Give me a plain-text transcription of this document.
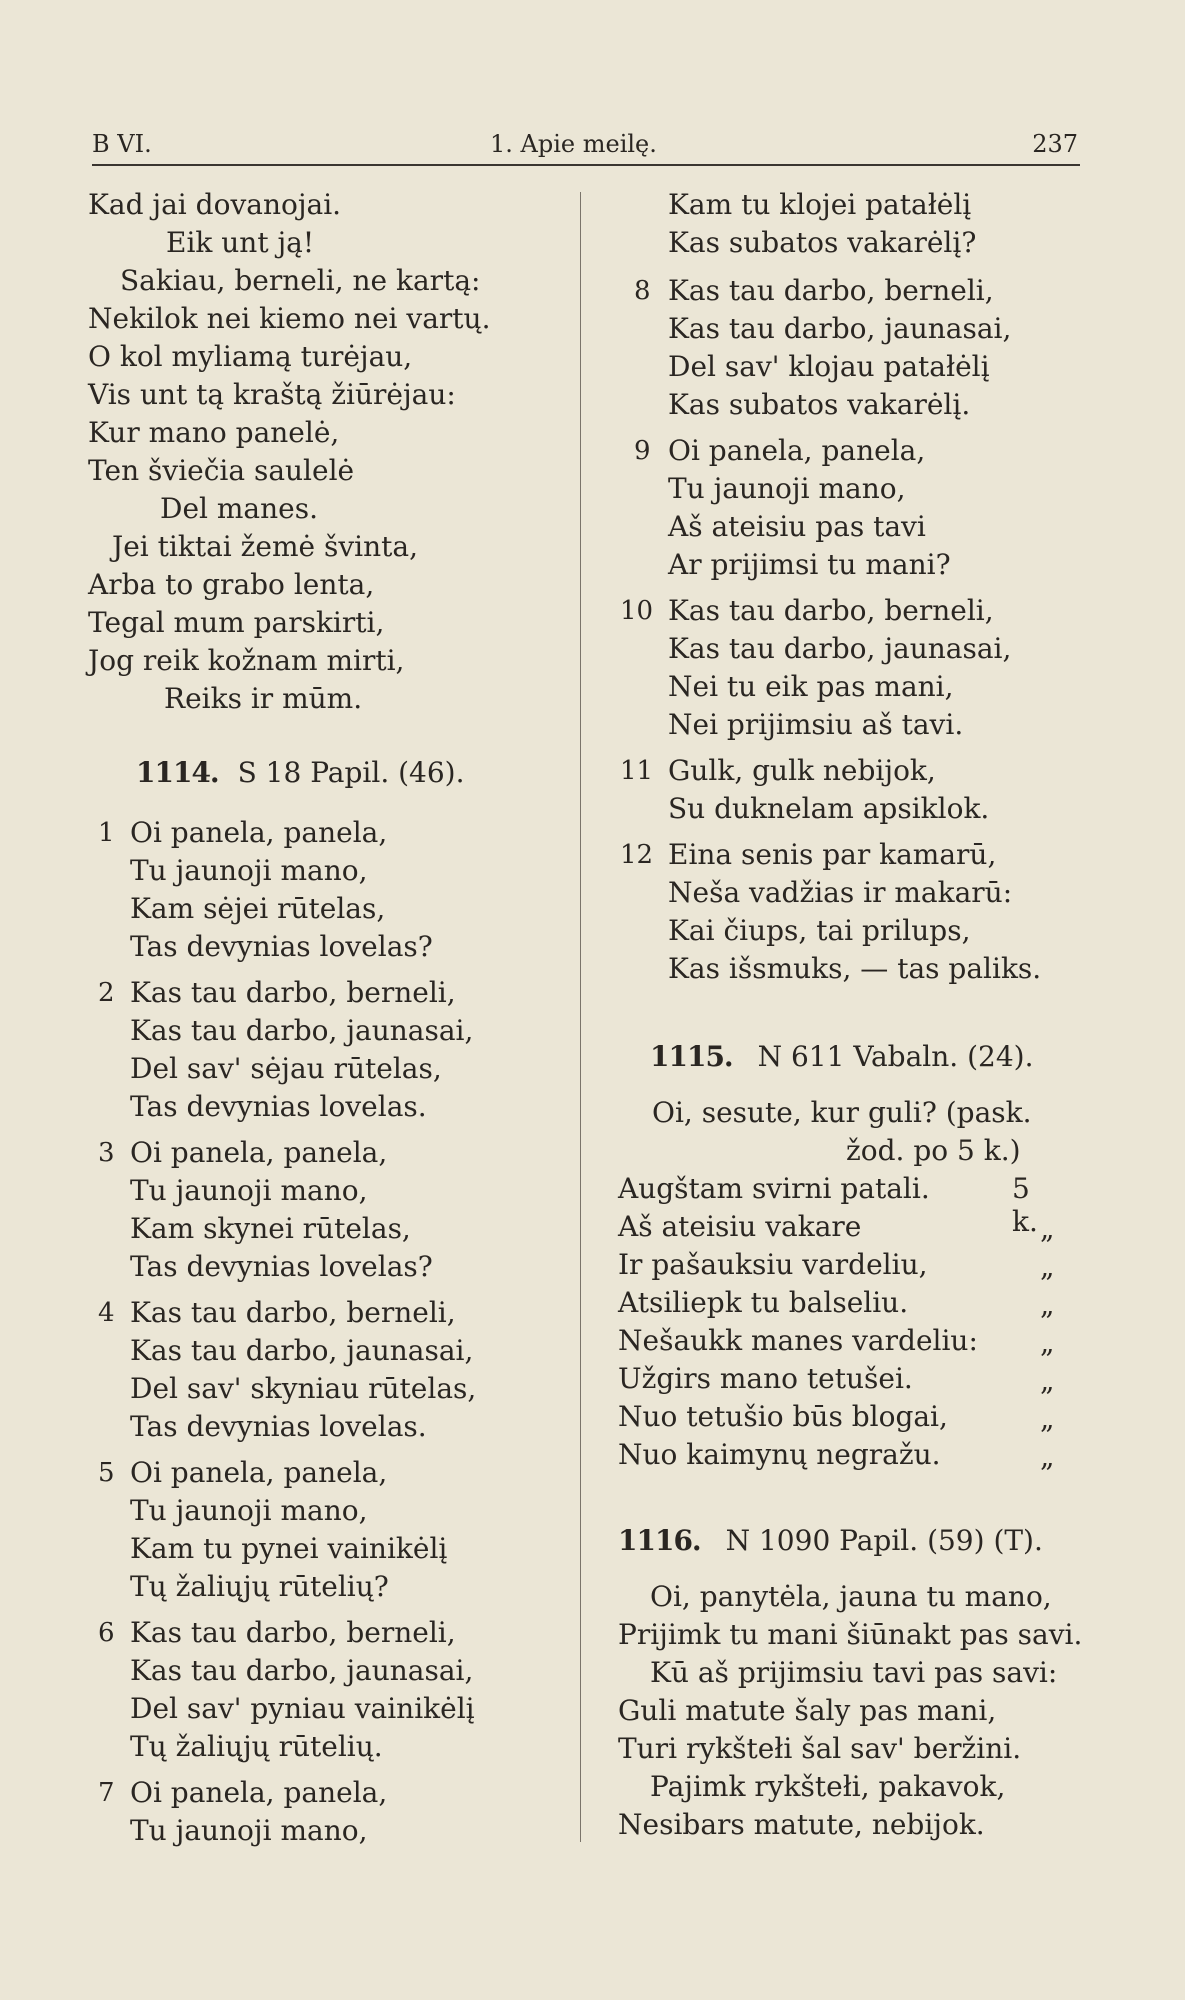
B VI.	1. Apie meilę.	237
Kad jai dovanojai.
Eik unt ją!
Sakiau, berneli, ne kartą:
Nekilok nei kiemo nei vartų.
O kol myliamą turėjau,
Vis unt tą kraštą žiūrėjau:
Kur mano panelė,
Ten šviečia saulelė
Del manes.
Jei tiktai žemė švinta,
Arba to grabo lenta,
Tegal mum parskirti,
Jog reik kožnam mirti,
Reiks ir mūm.
1114. S 18 Papil. (46).
1 Oi panela, panela,
Tu jaunoji mano,
Kam sėjei rūtelas,
Tas devynias lovelas?
2 Kas tau darbo, berneli,
Kas tau darbo, jaunasai,
Del sav' sėjau rūtelas,
Tas devynias lovelas.
3 Oi panela, panela,
Tu jaunoji mano,
Kam skynei rūtelas,
Tas devynias lovelas?
4 Kas tau darbo, berneli,
Kas tau darbo, jaunasai,
Del sav' skyniau rūtelas,
Tas devynias lovelas.
5 Oi panela, panela,
Tu jaunoji mano,
Kam tu pynei vainikėlį
Tų žaliųjų rūtelių?
6 Kas tau darbo, berneli,
Kas tau darbo, jaunasai,
Del sav' pyniau vainikėlį
Tų žaliųjų rūtelių.
7 Oi panela, panela,
Tu jaunoji mano,
Kam tu klojei patałėlį
Kas subatos vakarėlį?
8 Kas tau darbo, berneli,
Kas tau darbo, jaunasai,
Del sav' klojau patałėlį
Kas subatos vakarėlį.
9 Oi panela, panela,
Tu jaunoji mano,
Aš ateisiu pas tavi
Ar prijimsi tu mani?
10 Kas tau darbo, berneli,
Kas tau darbo, jaunasai,
Nei tu eik pas mani,
Nei prijimsiu aš tavi.
11 Gulk, gulk nebijok,
Su duknelam apsiklok.
12 Eina senis par kamarū,
Neša vadžias ir makarū:
Kai čiups, tai prilups,
Kas išsmuks, — tas paliks.
1115. N 611 Vabaln. (24).
Oi, sesute, kur guli? (pask.
žod. po 5 k.)
Augštam svirni patali.	5 k.
Aš ateisiu vakare	„
Ir pašauksiu vardeliu,	„
Atsiliepk tu balseliu.	„
Nešaukk manes vardeliu: „
Užgirs mano tetušei.	„
Nuo tetušio būs blogai,	„
Nuo kaimynų negražu.	„
1116. N 1090 Papil. (59) (T).
Oi, panytėla, jauna tu mano,
Prijimk tu mani šiūnakt pas savi.
Kū aš prijimsiu tavi pas savi:
Guli matute šaly pas mani,
Turi rykštełi šal sav' beržini.
Pajimk rykštełi, pakavok,
Nesibars matute, nebijok.
